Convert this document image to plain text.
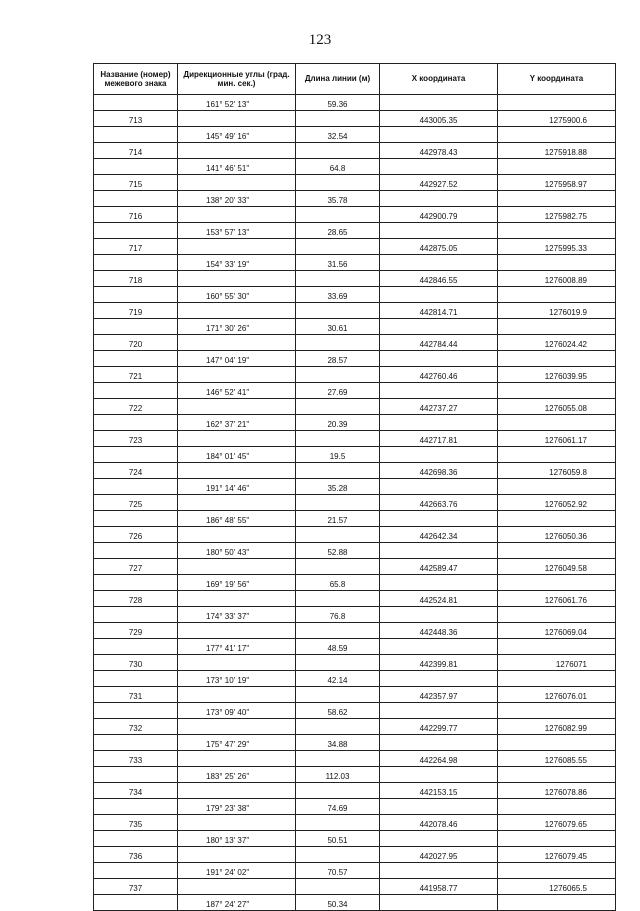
123
Название (номер) межевого знака	Дирекционные углы (град. мин. сек.)	Длина линии (м)	X координата	Y координата
	161° 52' 13"	59.36		
713			443005.35	1275900.6
	145° 49' 16"	32.54		
714			442978.43	1275918.88
	141° 46' 51"	64.8		
715			442927.52	1275958.97
	138° 20' 33"	35.78		
716			442900.79	1275982.75
	153° 57' 13"	28.65		
717			442875.05	1275995.33
	154° 33' 19"	31.56		
718			442846.55	1276008.89
	160° 55' 30"	33.69		
719			442814.71	1276019.9
	171° 30' 26"	30.61		
720			442784.44	1276024.42
	147° 04' 19"	28.57		
721			442760.46	1276039.95
	146° 52' 41"	27.69		
722			442737.27	1276055.08
	162° 37' 21"	20.39		
723			442717.81	1276061.17
	184° 01' 45"	19.5		
724			442698.36	1276059.8
	191° 14' 46"	35.28		
725			442663.76	1276052.92
	186° 48' 55"	21.57		
726			442642.34	1276050.36
	180° 50' 43"	52.88		
727			442589.47	1276049.58
	169° 19' 56"	65.8		
728			442524.81	1276061.76
	174° 33' 37"	76.8		
729			442448.36	1276069.04
	177° 41' 17"	48.59		
730			442399.81	1276071
	173° 10' 19"	42.14		
731			442357.97	1276076.01
	173° 09' 40"	58.62		
732			442299.77	1276082.99
	175° 47' 29"	34.88		
733			442264.98	1276085.55
	183° 25' 26"	112.03		
734			442153.15	1276078.86
	179° 23' 38"	74.69		
735			442078.46	1276079.65
	180° 13' 37"	50.51		
736			442027.95	1276079.45
	191° 24' 02"	70.57		
737			441958.77	1276065.5
	187° 24' 27"	50.34		
